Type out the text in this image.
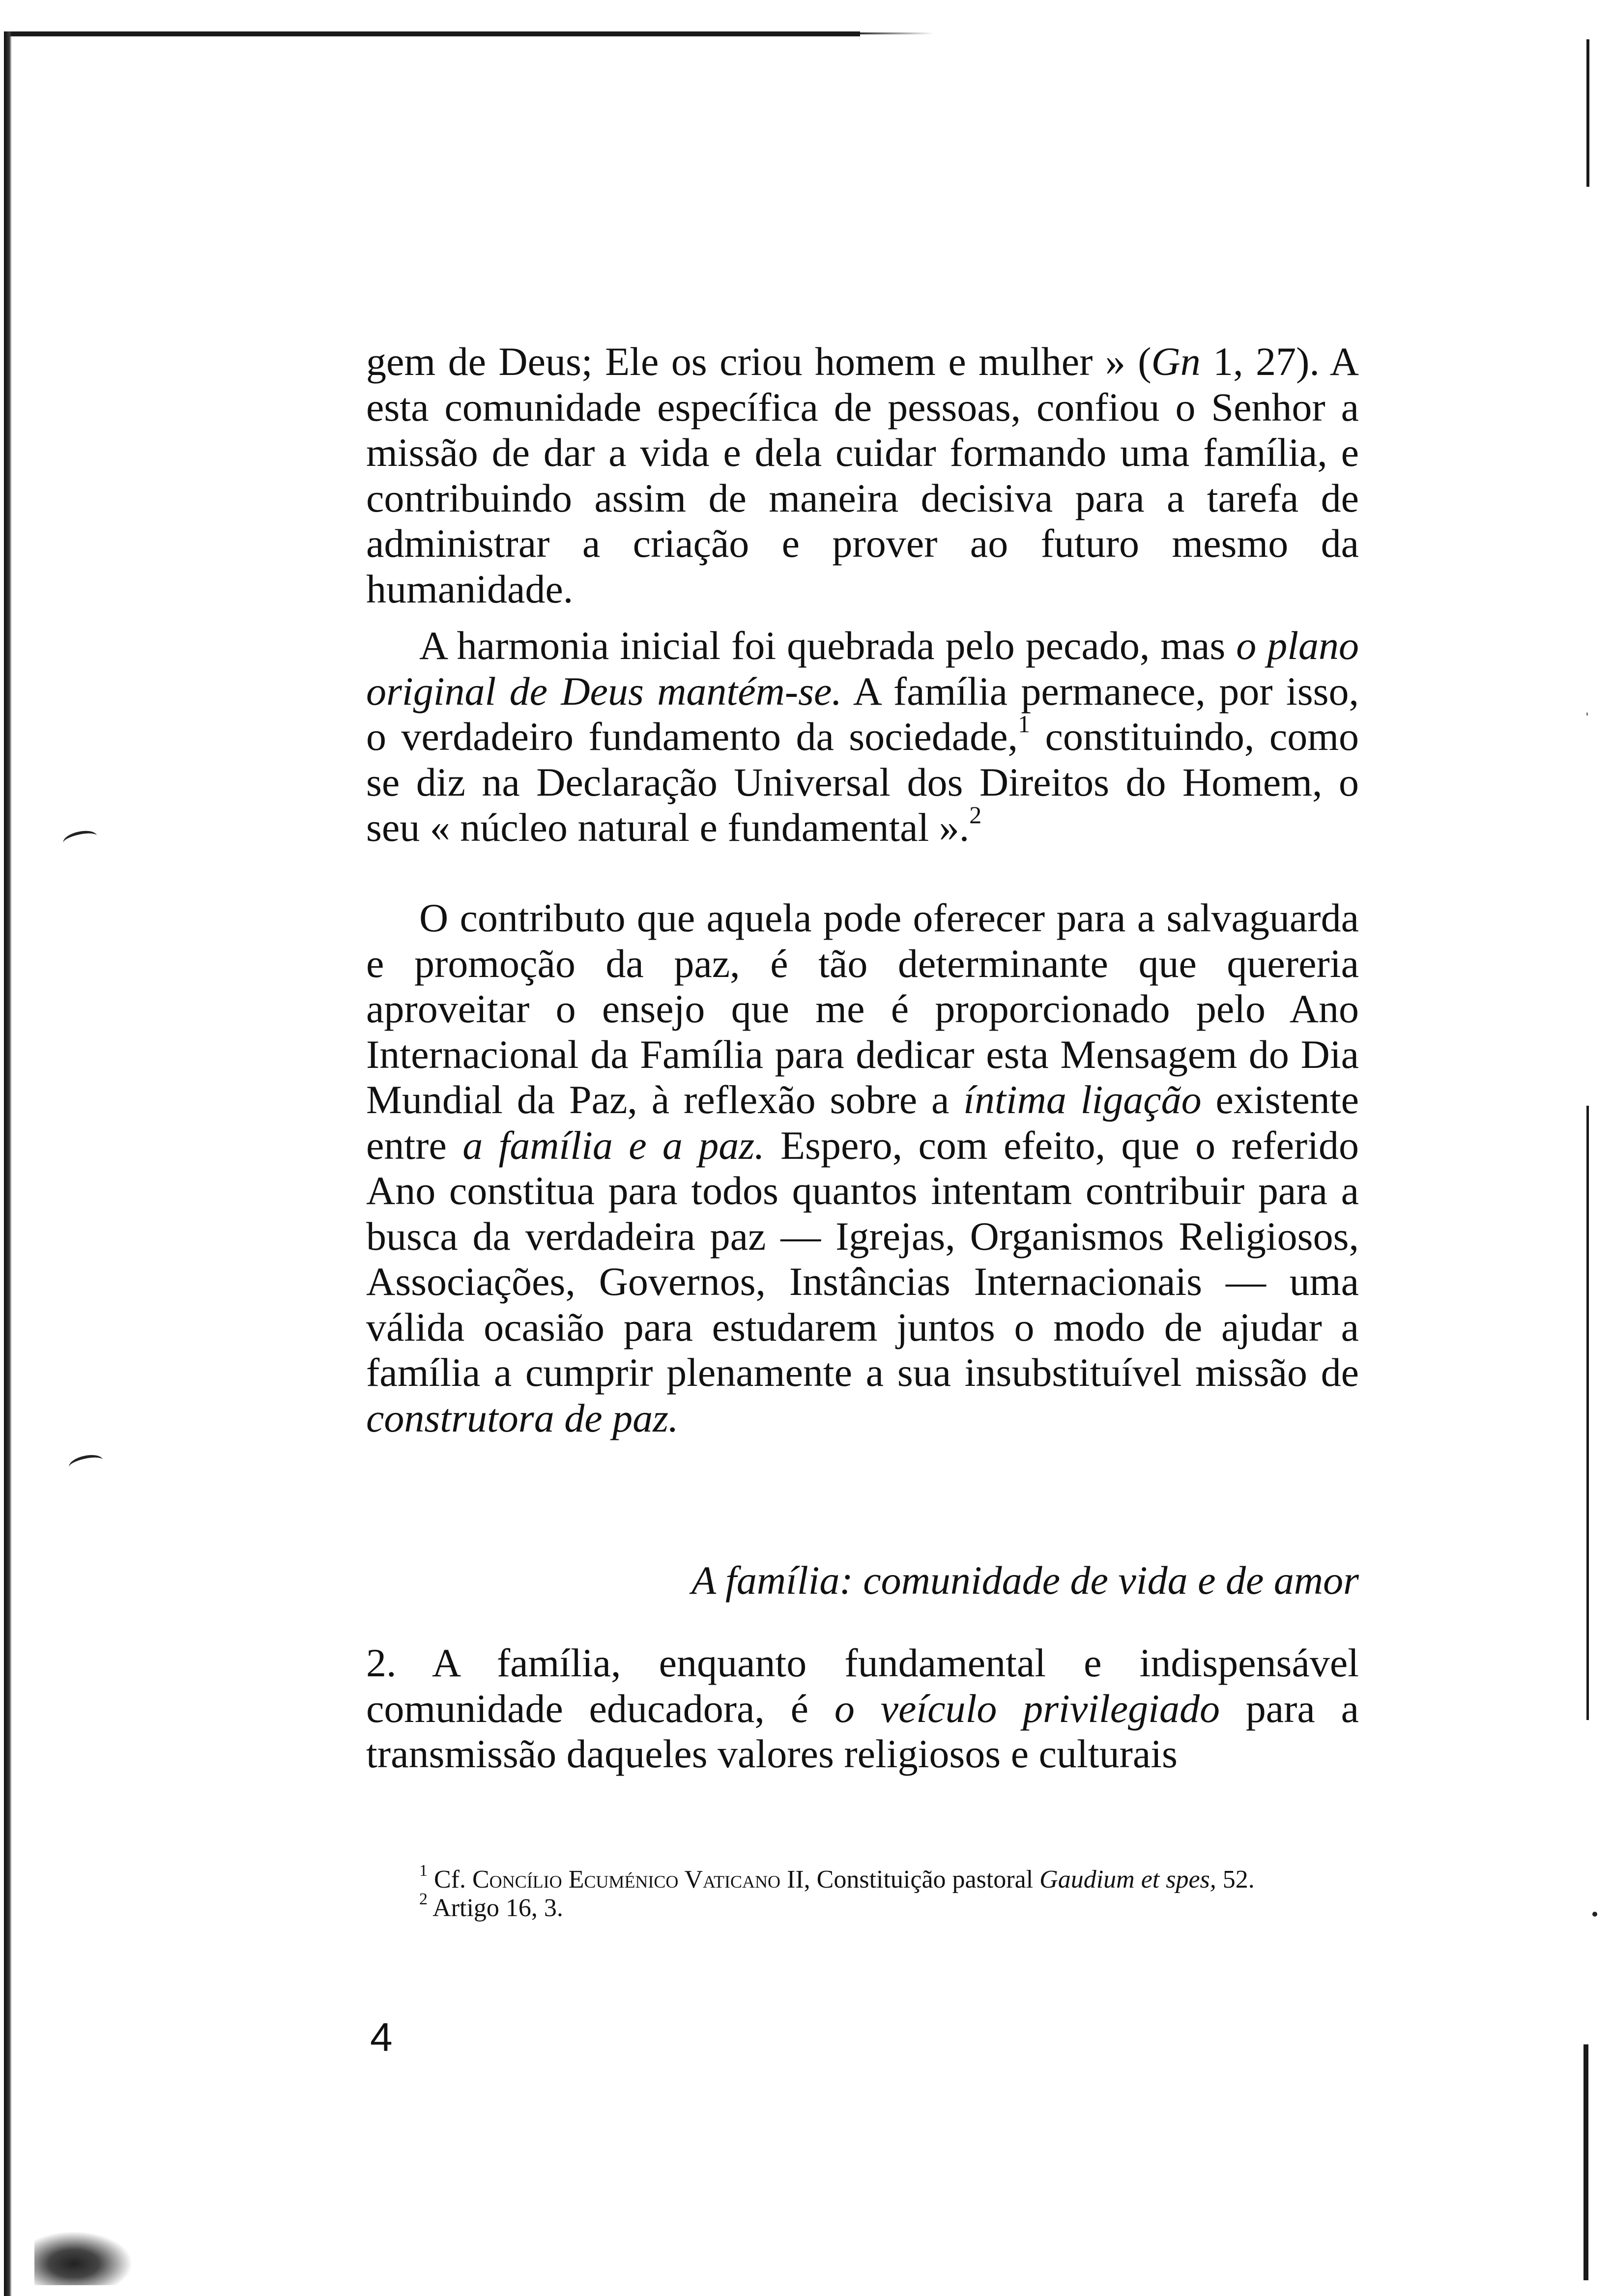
gem de Deus; Ele os criou homem e mulher » (Gn 1, 27). A esta comunidade específica de pessoas, confiou o Senhor a missão de dar a vida e dela cuidar formando uma família, e contribuindo assim de maneira decisiva para a tarefa de administrar a criação e prover ao futuro mesmo da humanidade.

A harmonia inicial foi quebrada pelo pecado, mas o plano original de Deus mantém-se. A família permanece, por isso, o verdadeiro fundamento da sociedade,$^1$ constituindo, como se diz na Declaração Universal dos Direitos do Homem, o seu « núcleo natural e fundamental ».$^2$

O contributo que aquela pode oferecer para a salvaguarda e promoção da paz, é tão determinante que quereria aproveitar o ensejo que me é proporcionado pelo Ano Internacional da Família para dedicar esta Mensagem do Dia Mundial da Paz, à reflexão sobre a íntima ligação existente entre a família e a paz. Espero, com efeito, que o referido Ano constitua para todos quantos intentam contribuir para a busca da verdadeira paz — Igrejas, Organismos Religiosos, Associações, Governos, Instâncias Internacionais — uma válida ocasião para estudarem juntos o modo de ajudar a família a cumprir plenamente a sua insubstituível missão de construtora de paz.

A família: comunidade de vida e de amor

2. A família, enquanto fundamental e indispensável comunidade educadora, é o veículo privilegiado para a transmissão daqueles valores religiosos e culturais

$^1$ Cf. Concílio Ecuménico Vaticano II, Constituição pastoral Gaudium et spes, 52.

$^2$ Artigo 16, 3.

4
